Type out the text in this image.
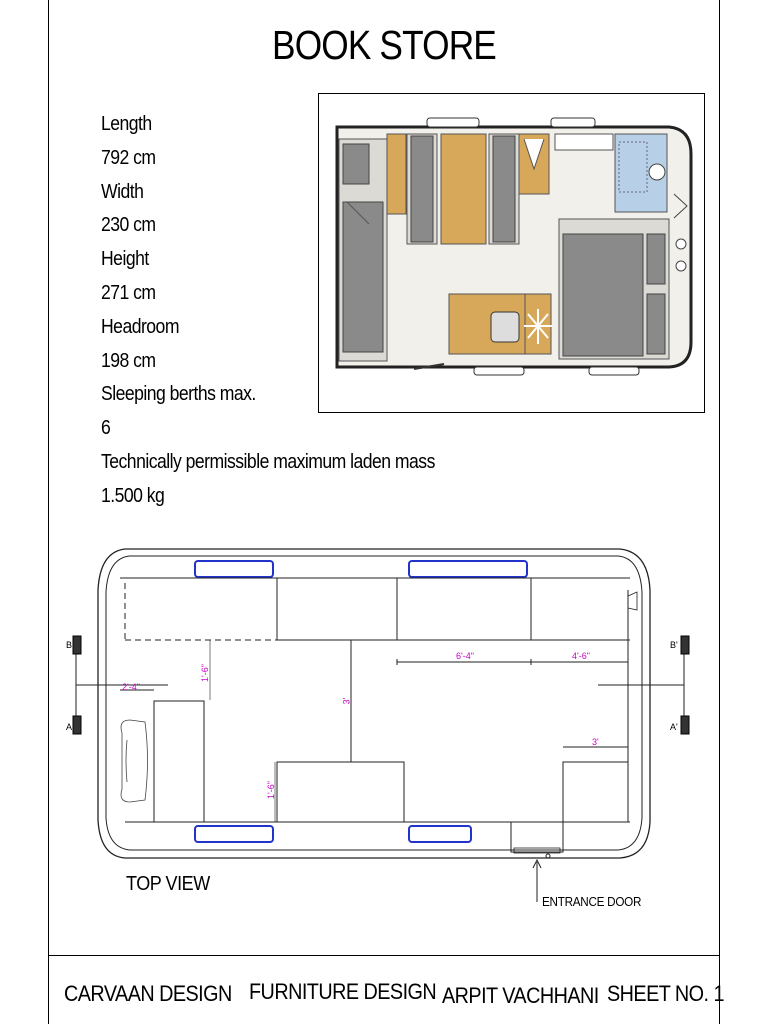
BOOK STORE
Length
792 cm
Width
230 cm
Height
271 cm
Headroom
198 cm
Sleeping berths max.
6
Technically permissible maximum laden mass
1.500 kg
B
A
B'
A'
1'-6"
2'-4"
3'
1'-6"
6'-4"	4'-6"
3'
TOP VIEW
ENTRANCE DOOR
CARVAAN DESIGN FURNITURE DESIGN ARPIT VACHHANI SHEET NO. 1
